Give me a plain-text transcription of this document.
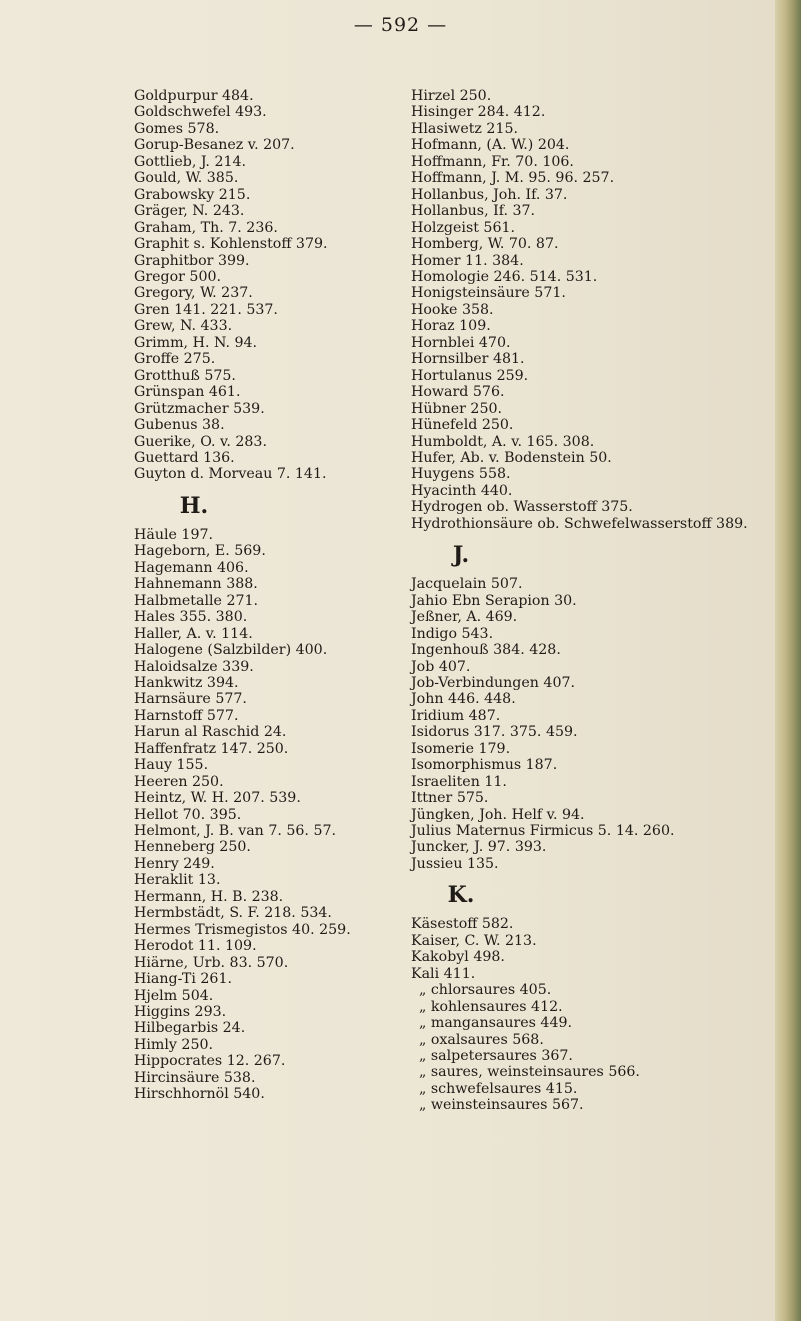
— 592 —
Goldpurpur 484.
Goldschwefel 493.
Gomes 578.
Gorup-Besanez v. 207.
Gottlieb, J. 214.
Gould, W. 385.
Grabowsky 215.
Gräger, N. 243.
Graham, Th. 7. 236.
Graphit s. Kohlenstoff 379.
Graphitbor 399.
Gregor 500.
Gregory, W. 237.
Gren 141. 221. 537.
Grew, N. 433.
Grimm, H. N. 94.
Groffe 275.
Grotthuß 575.
Grünspan 461.
Grützmacher 539.
Gubenus 38.
Guerike, O. v. 283.
Guettard 136.
Guyton d. Morveau 7. 141.
H.
Häule 197.
Hageborn, E. 569.
Hagemann 406.
Hahnemann 388.
Halbmetalle 271.
Hales 355. 380.
Haller, A. v. 114.
Halogene (Salzbilder) 400.
Haloidsalze 339.
Hankwitz 394.
Harnsäure 577.
Harnstoff 577.
Harun al Raschid 24.
Haffenfratz 147. 250.
Hauy 155.
Heeren 250.
Heintz, W. H. 207. 539.
Hellot 70. 395.
Helmont, J. B. van 7. 56. 57.
Henneberg 250.
Henry 249.
Heraklit 13.
Hermann, H. B. 238.
Hermbstädt, S. F. 218. 534.
Hermes Trismegistos 40. 259.
Herodot 11. 109.
Hiärne, Urb. 83. 570.
Hiang-Ti 261.
Hjelm 504.
Higgins 293.
Hilbegarbis 24.
Himly 250.
Hippocrates 12. 267.
Hircinsäure 538.
Hirschhornöl 540.
Hirzel 250.
Hisinger 284. 412.
Hlasiwetz 215.
Hofmann, (A. W.) 204.
Hoffmann, Fr. 70. 106.
Hoffmann, J. M. 95. 96. 257.
Hollanbus, Joh. If. 37.
Hollanbus, If. 37.
Holzgeist 561.
Homberg, W. 70. 87.
Homer 11. 384.
Homologie 246. 514. 531.
Honigsteinsäure 571.
Hooke 358.
Horaz 109.
Hornblei 470.
Hornsilber 481.
Hortulanus 259.
Howard 576.
Hübner 250.
Hünefeld 250.
Humboldt, A. v. 165. 308.
Hufer, Ab. v. Bodenstein 50.
Huygens 558.
Hyacinth 440.
Hydrogen ob. Wasserstoff 375.
Hydrothionsäure ob. Schwefelwasserstoff 389.
J.
Jacquelain 507.
Jahio Ebn Serapion 30.
Jeßner, A. 469.
Indigo 543.
Ingenhouß 384. 428.
Job 407.
Job-Verbindungen 407.
John 446. 448.
Iridium 487.
Isidorus 317. 375. 459.
Isomerie 179.
Isomorphismus 187.
Israeliten 11.
Ittner 575.
Jüngken, Joh. Helf v. 94.
Julius Maternus Firmicus 5. 14. 260.
Juncker, J. 97. 393.
Jussieu 135.
K.
Käsestoff 582.
Kaiser, C. W. 213.
Kakobyl 498.
Kali 411.
„ chlorsaures 405.
„ kohlensaures 412.
„ mangansaures 449.
„ oxalsaures 568.
„ salpetersaures 367.
„ saures, weinsteinsaures 566.
„ schwefelsaures 415.
„ weinsteinsaures 567.
